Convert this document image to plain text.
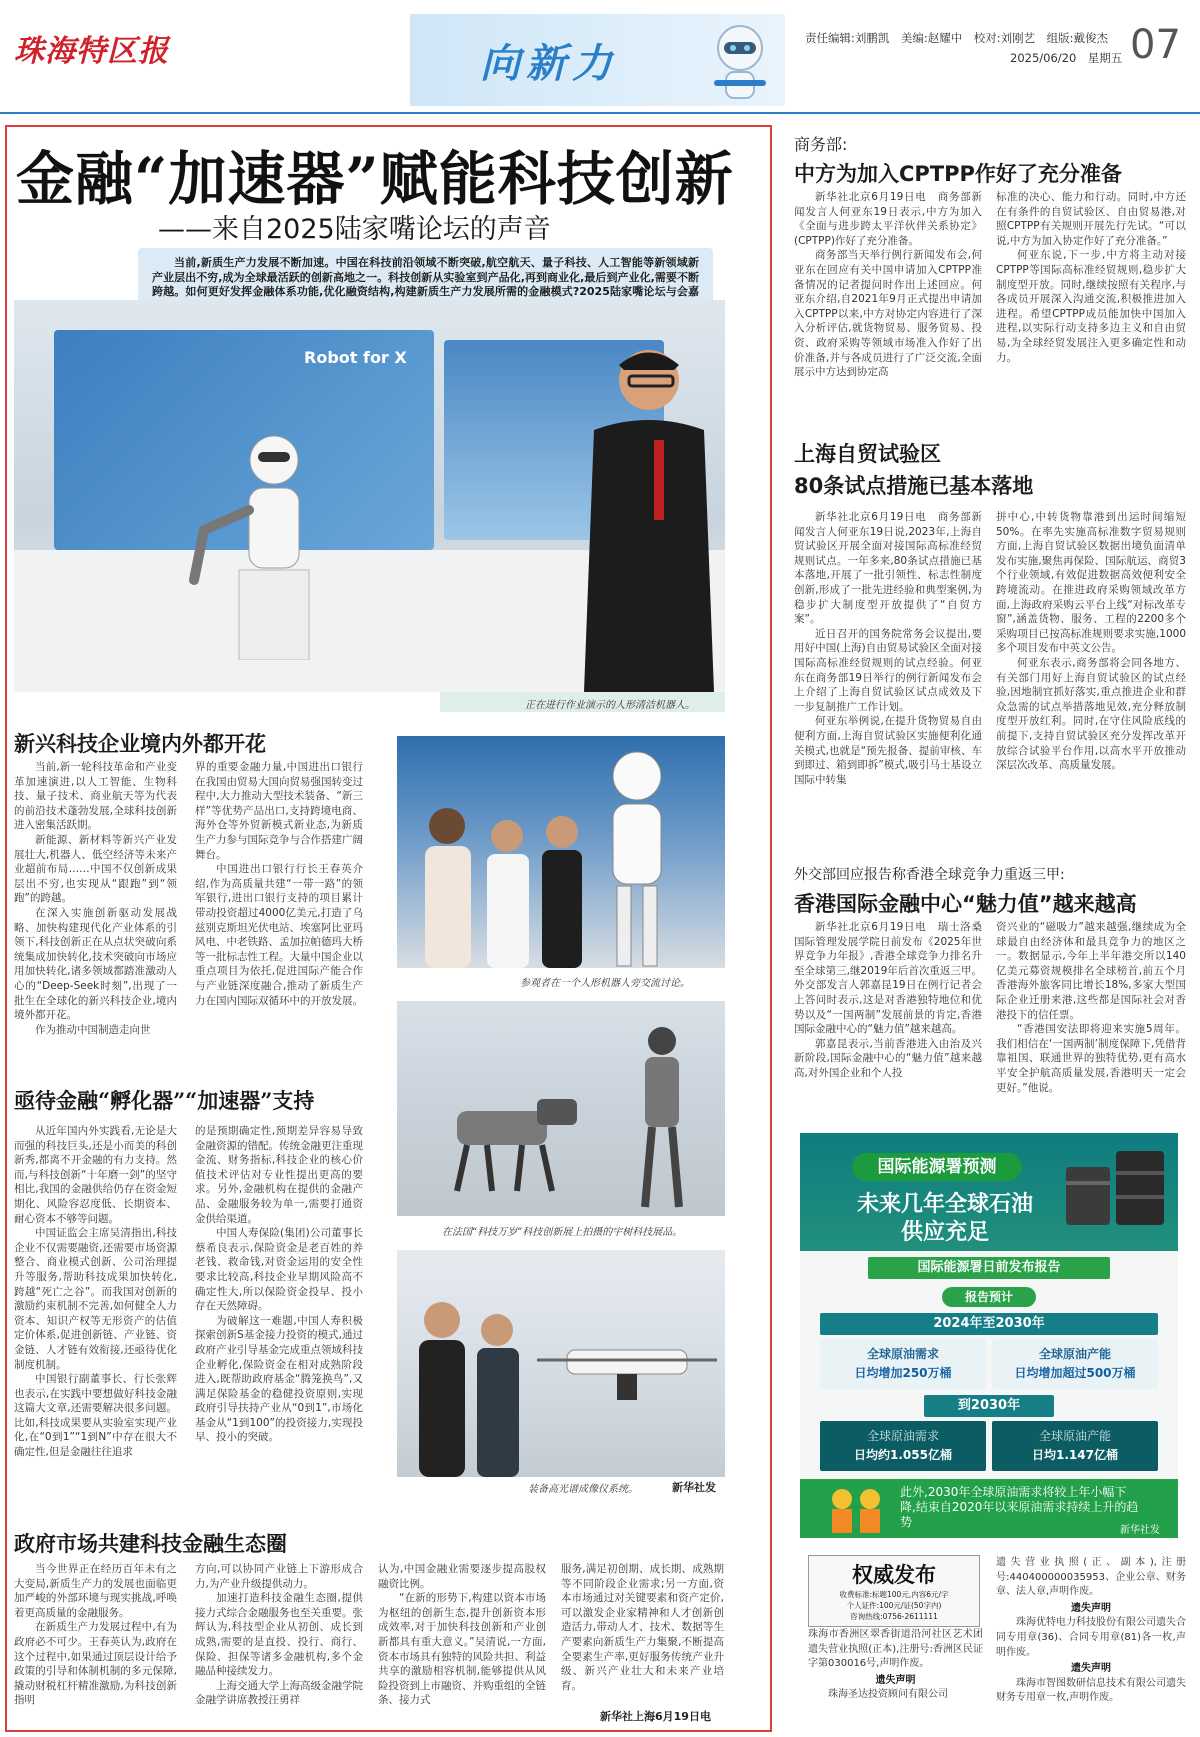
珠海特区报	向新力
责任编辑:刘鹏凯　美编:赵耀中　校对:刘刚艺　组版:戴俊杰
2025/06/20　星期五 07
金融“加速器”赋能科技创新
——来自2025陆家嘴论坛的声音
当前,新质生产力发展不断加速。中国在科技前沿领域不断突破,航空航天、量子科技、人工智能等新领域新产业层出不穷,成为全球最活跃的创新高地之一。科技创新从实验室到产品化,再到商业化,最后到产业化,需要不断跨越。如何更好发挥金融体系功能,优化融资结构,构建新质生产力发展所需的金融模式?2025陆家嘴论坛与会嘉
Robot for X
正在进行作业演示的人形清洁机器人。
新兴科技企业境内外都开花

当前,新一轮科技革命和产业变革加速演进,以人工智能、生物科技、量子技术、商业航天等为代表的前沿技术蓬勃发展,全球科技创新进入密集活跃期。

新能源、新材料等新兴产业发展壮大,机器人、低空经济等未来产业超前布局……中国不仅创新成果层出不穷,也实现从“跟跑”到“领跑”的跨越。

在深入实施创新驱动发展战略、加快构建现代化产业体系的引领下,科技创新正在从点状突破向系统集成加快转化,技术突破向市场应用加快转化,诸多领域都踏准激动人心的“Deep-Seek时刻”,出现了一批生在全球化的新兴科技企业,境内境外都开花。

作为推动中国制造走向世

界的重要金融力量,中国进出口银行在我国由贸易大国向贸易强国转变过程中,大力推动大型技术装备、“新三样”等优势产品出口,支持跨境电商、海外仓等外贸新模式新业态,为新质生产力参与国际竞争与合作搭建广阔舞台。

中国进出口银行行长王春英介绍,作为高质量共建“一带一路”的领军银行,进出口银行支持的项目累计带动投资超过4000亿美元,打造了乌兹别克斯坦光伏电站、埃塞阿比亚玛风电、中老铁路、孟加拉帕德玛大桥等一批标志性工程。大量中国企业以重点项目为依托,促进国际产能合作与产业链深度融合,推动了新质生产力在国内国际双循环中的开放发展。

亟待金融“孵化器”“加速器”支持

从近年国内外实践看,无论是大而强的科技巨头,还是小而美的科创新秀,都离不开金融的有力支持。然而,与科技创新“十年磨一剑”的坚守相比,我国的金融供给仍存在资金短期化、风险容忍度低、长期资本、耐心资本不够等问题。

中国证监会主席吴清指出,科技企业不仅需要融资,还需要市场资源整合、商业模式创新、公司治理提升等服务,帮助科技成果加快转化,跨越“死亡之谷”。而我国对创新的激励约束机制不完善,如何健全人力资本、知识产权等无形资产的估值定价体系,促进创新链、产业链、资金链、人才链有效衔接,还亟待优化制度机制。

中国银行副董事长、行长张辉也表示,在实践中要想做好科技金融这篇大文章,还需要解决很多问题。比如,科技成果要从实验室实现产业化,在“0到1”“1到N”中存在很大不确定性,但是金融往往追求

的是预期确定性,预期差异容易导致金融资源的错配。传统金融更注重现金流、财务指标,科技企业的核心价值技术评估对专业性提出更高的要求。另外,金融机构在提供的金融产品、金融服务较为单一,需要打通资金供给渠道。

中国人寿保险(集团)公司董事长蔡希良表示,保险资金是老百姓的养老钱、救命钱,对资金运用的安全性要求比较高,科技企业早期风险高不确定性大,所以保险资金投早、投小存在天然障碍。

为破解这一难题,中国人寿积极探索创新S基金接力投资的模式,通过政府产业引导基金完成重点领域科技企业孵化,保险资金在相对成熟阶段进入,既帮助政府基金“腾笼换鸟”,又满足保险基金的稳健投资原则,实现政府引导扶持产业从“0到1”,市场化基金从“1到100”的投资接力,实现投早、投小的突破。

参观者在一个人形机器人旁交流讨论。
在法国“科技万岁”科技创新展上拍摄的宇树科技展品。
装备高光谱成像仪系统。	新华社发
政府市场共建科技金融生态圈

当今世界正在经历百年未有之大变局,新质生产力的发展也面临更加严峻的外部环境与现实挑战,呼唤着更高质量的金融服务。

在新质生产力发展过程中,有为政府必不可少。王春英认为,政府在这个过程中,如果通过顶层设计给予政策的引导和体制机制的多元保障,撬动财税杠杆精准激励,为科技创新指明

方向,可以协同产业链上下游形成合力,为产业升级提供动力。

加速打造科技金融生态圈,提供接力式综合金融服务也至关重要。张辉认为,科技型企业从初创、成长到成熟,需要的是直投、投行、商行、保险、担保等诸多金融机构,多个金融品种接续发力。

上海交通大学上海高级金融学院金融学讲席教授汪勇祥

认为,中国金融业需要逐步提高股权融资比例。

“在新的形势下,构建以资本市场为枢纽的创新生态,提升创新资本形成效率,对于加快科技创新和产业创新都具有重大意义。”吴清说,一方面,资本市场具有独特的风险共担、利益共享的激励相容机制,能够提供从风险投资到上市融资、并购重组的全链条、接力式

服务,满足初创期、成长期、成熟期等不同阶段企业需求;另一方面,资本市场通过对关键要素和资产定价,可以激发企业家精神和人才创新创造活力,带动人才、技术、数据等生产要素向新质生产力集聚,不断提高全要素生产率,更好服务传统产业升级、新兴产业壮大和未来产业培育。

新华社上海6月19日电
商务部:
中方为加入CPTPP作好了充分准备

新华社北京6月19日电　商务部新闻发言人何亚东19日表示,中方为加入《全面与进步跨太平洋伙伴关系协定》(CPTPP)作好了充分准备。

商务部当天举行例行新闻发布会,何亚东在回应有关中国申请加入CPTPP准备情况的记者提问时作出上述回应。何亚东介绍,自2021年9月正式提出申请加入CPTPP以来,中方对协定内容进行了深入分析评估,就货物贸易、服务贸易、投资、政府采购等领域市场准入作好了出价准备,并与各成员进行了广泛交流,全面展示中方达到协定高

标准的决心、能力和行动。同时,中方还在有条件的自贸试验区、自由贸易港,对照CPTPP有关规则开展先行先试。“可以说,中方为加入协定作好了充分准备。”

何亚东说,下一步,中方将主动对接CPTPP等国际高标准经贸规则,稳步扩大制度型开放。同时,继续按照有关程序,与各成员开展深入沟通交流,积极推进加入进程。希望CPTPP成员能加快中国加入进程,以实际行动支持多边主义和自由贸易,为全球经贸发展注入更多确定性和动力。

上海自贸试验区
80条试点措施已基本落地

新华社北京6月19日电　商务部新闻发言人何亚东19日说,2023年,上海自贸试验区开展全面对接国际高标准经贸规则试点。一年多来,80条试点措施已基本落地,开展了一批引领性、标志性制度创新,形成了一批先进经验和典型案例,为稳步扩大制度型开放提供了“自贸方案”。

近日召开的国务院常务会议提出,要用好中国(上海)自由贸易试验区全面对接国际高标准经贸规则的试点经验。何亚东在商务部19日举行的例行新闻发布会上介绍了上海自贸试验区试点成效及下一步复制推广工作计划。

何亚东举例说,在提升货物贸易自由便利方面,上海自贸试验区实施便利化通关模式,也就是“预先报备、提前审核、车到即过、箱到即拆”模式,吸引马士基设立国际中转集

拼中心,中转货物靠港到出运时间缩短50%。在率先实施高标准数字贸易规则方面,上海自贸试验区数据出境负面清单发布实施,聚焦再保险、国际航运、商贸3个行业领域,有效促进数据高效便利安全跨境流动。在推进政府采购领域改革方面,上海政府采购云平台上线“对标改革专窗”,涵盖货物、服务、工程的2200多个采购项目已按高标准规则要求实施,1000多个项目发布中英文公告。

何亚东表示,商务部将会同各地方、有关部门用好上海自贸试验区的试点经验,因地制宜抓好落实,重点推进企业和群众急需的试点举措落地见效,充分释放制度型开放红利。同时,在守住风险底线的前提下,支持自贸试验区充分发挥改革开放综合试验平台作用,以高水平开放推动深层次改革、高质量发展。

外交部回应报告称香港全球竞争力重返三甲:
香港国际金融中心“魅力值”越来越高

新华社北京6月19日电　瑞士洛桑国际管理发展学院日前发布《2025年世界竞争力年报》,香港全球竞争力排名升至全球第三,继2019年后首次重返三甲。外交部发言人郭嘉昆19日在例行记者会上答问时表示,这是对香港独特地位和优势以及“一国两制”发展前景的肯定,香港国际金融中心的“魅力值”越来越高。

郭嘉昆表示,当前香港进入由治及兴新阶段,国际金融中心的“魅力值”越来越高,对外国企业和个人投

资兴业的“磁吸力”越来越强,继续成为全球最自由经济体和最具竞争力的地区之一。数据显示,今年上半年港交所以140亿美元募资规模排名全球榜首,前五个月香港海外旅客同比增长18%,多家大型国际企业迁册来港,这些都是国际社会对香港投下的信任票。

“香港国安法即将迎来实施5周年。我们相信在‘一国两制’制度保障下,凭借背靠祖国、联通世界的独特优势,更有高水平安全护航高质量发展,香港明天一定会更好。”他说。

国际能源署预测
未来几年全球石油
供应充足
国际能源署日前发布报告
报告预计
2024年至2030年
全球原油需求
日均增加250万桶
全球原油产能
日均增加超过500万桶
到2030年
全球原油需求
日均约1.055亿桶
全球原油产能
日均1.147亿桶
此外,2030年全球原油需求将较上年小幅下降,结束自2020年以来原油需求持续上升的趋势
新华社发
权威发布
收费标准:标题100元,内容6元/字
个人证件:100元/证(50字内)
咨询热线:0756-2611111

珠海市香洲区翠香街道沿河社区艺术团遗失营业执照(正本),注册号:香洲区民证字第030016号,声明作废。

遗失声明

珠海圣达投资顾问有限公司

遗失营业执照(正、副本),注册号:440400000035953、企业公章、财务章、法人章,声明作废。

遗失声明

珠海优特电力科技股份有限公司遗失合同专用章(36)、合同专用章(81)各一枚,声明作废。

遗失声明

珠海市智图数研信息技术有限公司遗失财务专用章一枚,声明作废。
